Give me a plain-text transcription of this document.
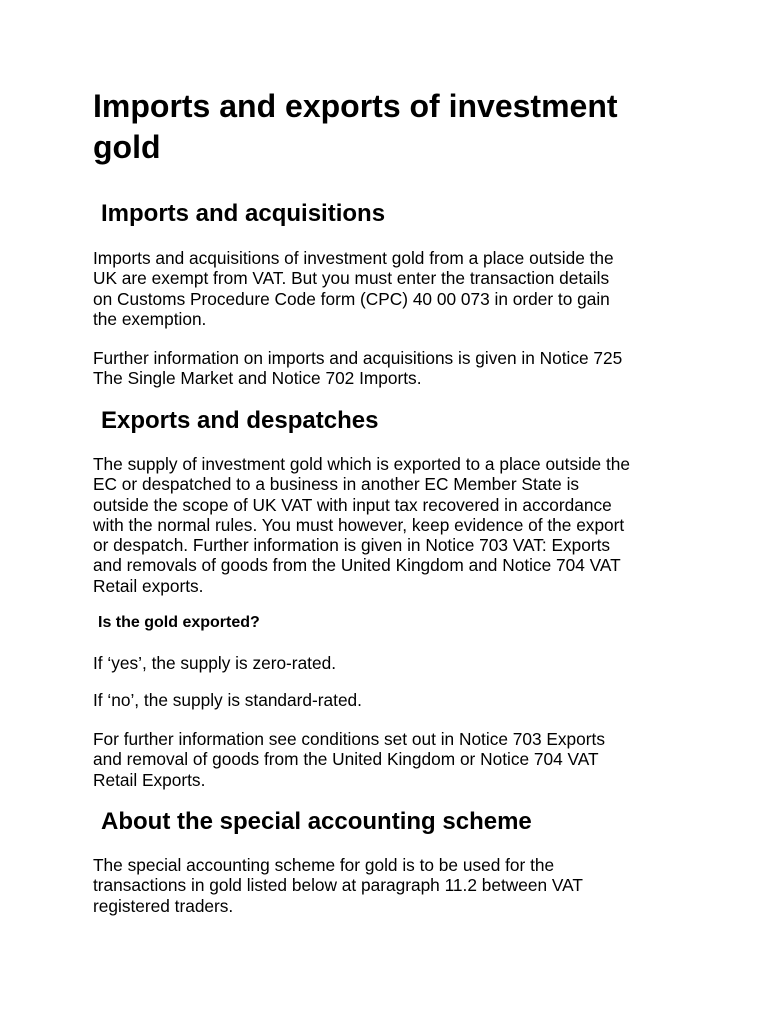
Imports and exports of investment
gold
Imports and acquisitions

Imports and acquisitions of investment gold from a place outside the
UK are exempt from VAT. But you must enter the transaction details
on Customs Procedure Code form (CPC) 40 00 073 in order to gain
the exemption.

Further information on imports and acquisitions is given in Notice 725
The Single Market and Notice 702 Imports.

Exports and despatches

The supply of investment gold which is exported to a place outside the
EC or despatched to a business in another EC Member State is
outside the scope of UK VAT with input tax recovered in accordance
with the normal rules. You must however, keep evidence of the export
or despatch. Further information is given in Notice 703 VAT: Exports
and removals of goods from the United Kingdom and Notice 704 VAT
Retail exports.

Is the gold exported?

If ‘yes’, the supply is zero-rated.

If ‘no’, the supply is standard-rated.

For further information see conditions set out in Notice 703 Exports
and removal of goods from the United Kingdom or Notice 704 VAT
Retail Exports.

About the special accounting scheme

The special accounting scheme for gold is to be used for the
transactions in gold listed below at paragraph 11.2 between VAT
registered traders.
